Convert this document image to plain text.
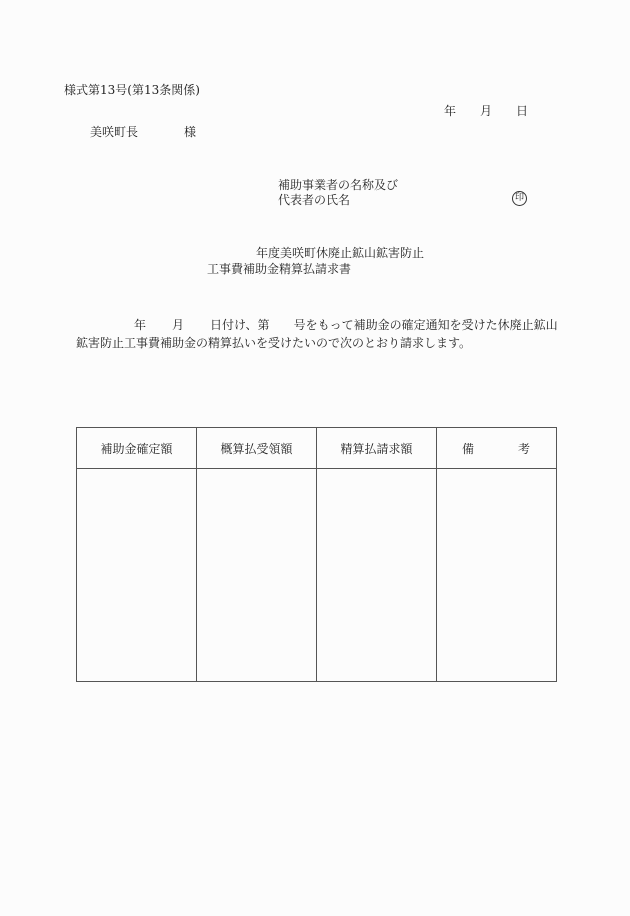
様式第13号(第13条関係)
年 月 日
美咲町長	様
補助事業者の名称及び
代表者の氏名	印
年度美咲町休廃止鉱山鉱害防止
工事費補助金精算払請求書
年 月 日付け、第 号をもって補助金の確定通知を受けた休廃止鉱山
鉱害防止工事費補助金の精算払いを受けたいので次のとおり請求します。
補助金確定額	概算払受領額	精算払請求額	備 考
